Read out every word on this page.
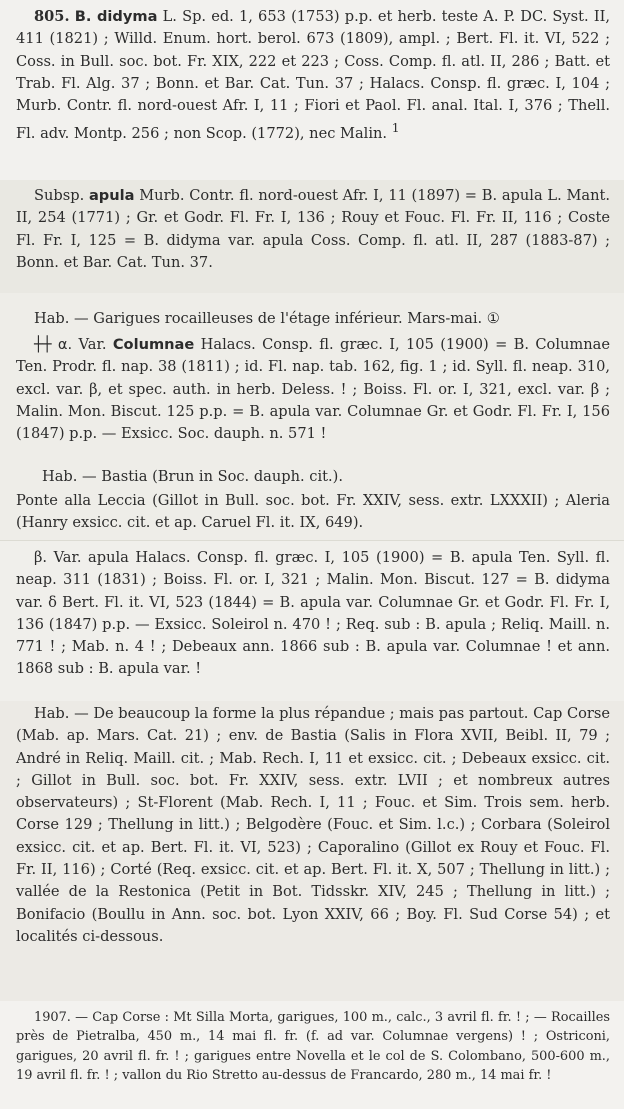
805. B. didyma L. Sp. ed. 1, 653 (1753) p.p. et herb. teste A. P. DC. Syst. II, 411 (1821) ; Willd. Enum. hort. berol. 673 (1809), ampl. ; Bert. Fl. it. VI, 522 ; Coss. in Bull. soc. bot. Fr. XIX, 222 et 223 ; Coss. Comp. fl. atl. II, 286 ; Batt. et Trab. Fl. Alg. 37 ; Bonn. et Bar. Cat. Tun. 37 ; Halacs. Consp. fl. græc. I, 104 ; Murb. Contr. fl. nord-ouest Afr. I, 11 ; Fiori et Paol. Fl. anal. Ital. I, 376 ; Thell. Fl. adv. Montp. 256 ; non Scop. (1772), nec Malin. $^1$

Subsp. apula Murb. Contr. fl. nord-ouest Afr. I, 11 (1897) = B. apula L. Mant. II, 254 (1771) ; Gr. et Godr. Fl. Fr. I, 136 ; Rouy et Fouc. Fl. Fr. II, 116 ; Coste Fl. Fr. I, 125 = B. didyma var. apula Coss. Comp. fl. atl. II, 287 (1883-87) ; Bonn. et Bar. Cat. Tun. 37.

Hab. — Garigues rocailleuses de l'étage inférieur. Mars-mai. ①

┼┼ α. Var. Columnae Halacs. Consp. fl. græc. I, 105 (1900) = B. Columnae Ten. Prodr. fl. nap. 38 (1811) ; id. Fl. nap. tab. 162, fig. 1 ; id. Syll. fl. neap. 310, excl. var. β, et spec. auth. in herb. Deless. ! ; Boiss. Fl. or. I, 321, excl. var. β ; Malin. Mon. Biscut. 125 p.p. = B. apula var. Columnae Gr. et Godr. Fl. Fr. I, 156 (1847) p.p. — Exsicc. Soc. dauph. n. 571 !

Hab. — Bastia (Brun in Soc. dauph. cit.).

Ponte alla Leccia (Gillot in Bull. soc. bot. Fr. XXIV, sess. extr. LXXXII) ; Aleria (Hanry exsicc. cit. et ap. Caruel Fl. it. IX, 649).

β. Var. apula Halacs. Consp. fl. græc. I, 105 (1900) = B. apula Ten. Syll. fl. neap. 311 (1831) ; Boiss. Fl. or. I, 321 ; Malin. Mon. Biscut. 127 = B. didyma var. δ Bert. Fl. it. VI, 523 (1844) = B. apula var. Columnae Gr. et Godr. Fl. Fr. I, 136 (1847) p.p. — Exsicc. Soleirol n. 470 ! ; Req. sub : B. apula ; Reliq. Maill. n. 771 ! ; Mab. n. 4 ! ; Debeaux ann. 1866 sub : B. apula var. Columnae ! et ann. 1868 sub : B. apula var. !

Hab. — De beaucoup la forme la plus répandue ; mais pas partout. Cap Corse (Mab. ap. Mars. Cat. 21) ; env. de Bastia (Salis in Flora XVII, Beibl. II, 79 ; André in Reliq. Maill. cit. ; Mab. Rech. I, 11 et exsicc. cit. ; Debeaux exsicc. cit. ; Gillot in Bull. soc. bot. Fr. XXIV, sess. extr. LVII ; et nombreux autres observateurs) ; St-Florent (Mab. Rech. I, 11 ; Fouc. et Sim. Trois sem. herb. Corse 129 ; Thellung in litt.) ; Belgodère (Fouc. et Sim. l.c.) ; Corbara (Soleirol exsicc. cit. et ap. Bert. Fl. it. VI, 523) ; Caporalino (Gillot ex Rouy et Fouc. Fl. Fr. II, 116) ; Corté (Req. exsicc. cit. et ap. Bert. Fl. it. X, 507 ; Thellung in litt.) ; vallée de la Restonica (Petit in Bot. Tidsskr. XIV, 245 ; Thellung in litt.) ; Bonifacio (Boullu in Ann. soc. bot. Lyon XXIV, 66 ; Boy. Fl. Sud Corse 54) ; et localités ci-dessous.

1907. — Cap Corse : Mt Silla Morta, garigues, 100 m., calc., 3 avril fl. fr. ! ; — Rocailles près de Pietralba, 450 m., 14 mai fl. fr. (f. ad var. Columnae vergens) ! ; Ostriconi, garigues, 20 avril fl. fr. ! ; garigues entre Novella et le col de S. Colombano, 500-600 m., 19 avril fl. fr. ! ; vallon du Rio Stretto au-dessus de Francardo, 280 m., 14 mai fr. !
